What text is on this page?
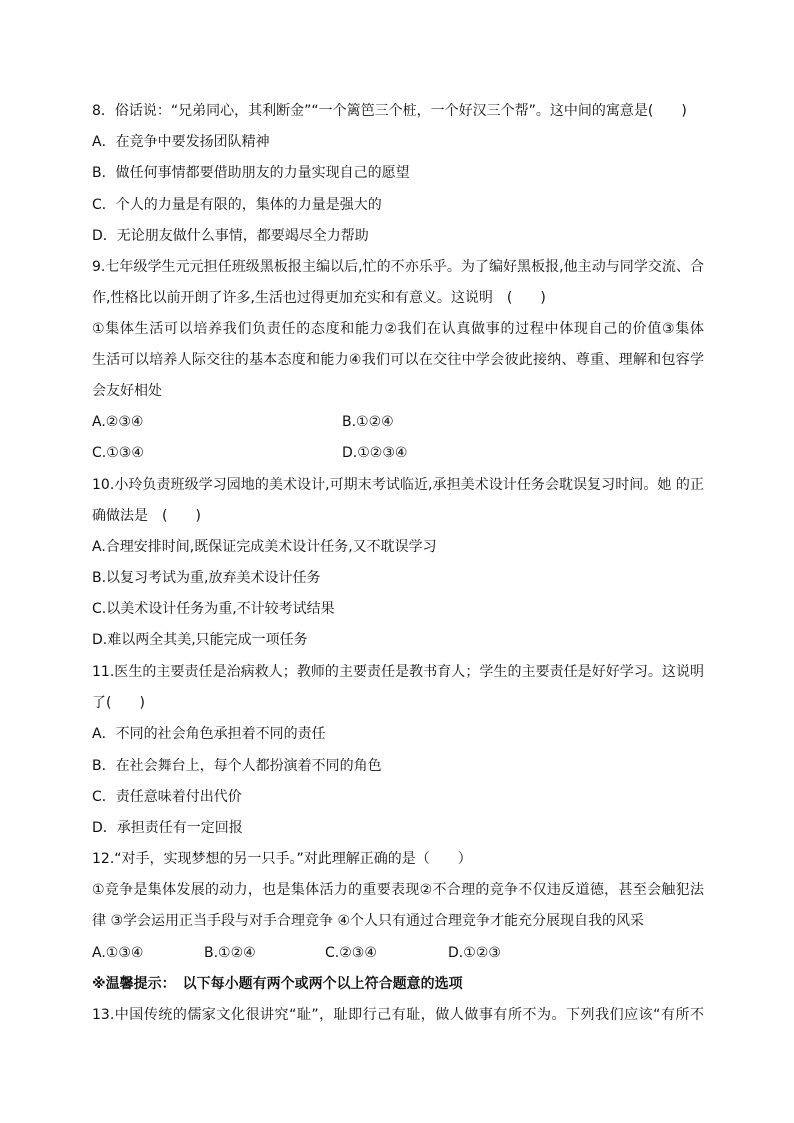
8．俗话说：“兄弟同心，其利断金”“一个篱笆三个桩，一个好汉三个帮”。这中间的寓意是(　　)
A．在竞争中要发扬团队精神
B．做任何事情都要借助朋友的力量实现自己的愿望
C．个人的力量是有限的，集体的力量是强大的
D．无论朋友做什么事情，都要竭尽全力帮助
9.七年级学生元元担任班级黑板报主编以后,忙的不亦乐乎。为了编好黑板报,他主动与同学交流、合
作,性格比以前开朗了许多,生活也过得更加充实和有意义。这说明　(　　)
①集体生活可以培养我们负责任的态度和能力②我们在认真做事的过程中体现自己的价值③集体
生活可以培养人际交往的基本态度和能力④我们可以在交往中学会彼此接纳、尊重、理解和包容学
会友好相处
A.②③④	B.①②④
C.①③④	D.①②③④
10.小玲负责班级学习园地的美术设计,可期末考试临近,承担美术设计任务会耽误复习时间。她 的正
确做法是　(　　)
A.合理安排时间,既保证完成美术设计任务,又不耽误学习
B.以复习考试为重,放弃美术设计任务
C.以美术设计任务为重,不计较考试结果
D.难以两全其美,只能完成一项任务
11.医生的主要责任是治病救人；教师的主要责任是教书育人；学生的主要责任是好好学习。这说明
了(　　)
A．不同的社会角色承担着不同的责任
B．在社会舞台上，每个人都扮演着不同的角色
C．责任意味着付出代价
D．承担责任有一定回报
12.“对手，实现梦想的另一只手。”对此理解正确的是（　　）
①竞争是集体发展的动力，也是集体活力的重要表现②不合理的竞争不仅违反道德，甚至会触犯法
律 ③学会运用正当手段与对手合理竞争 ④个人只有通过合理竞争才能充分展现自我的风采
A.①③④	B.①②④	C.②③④	D.①②③
※温馨提示：　以下每小题有两个或两个以上符合题意的选项
13.中国传统的儒家文化很讲究“耻”，耻即行己有耻，做人做事有所不为。下列我们应该“有所不
